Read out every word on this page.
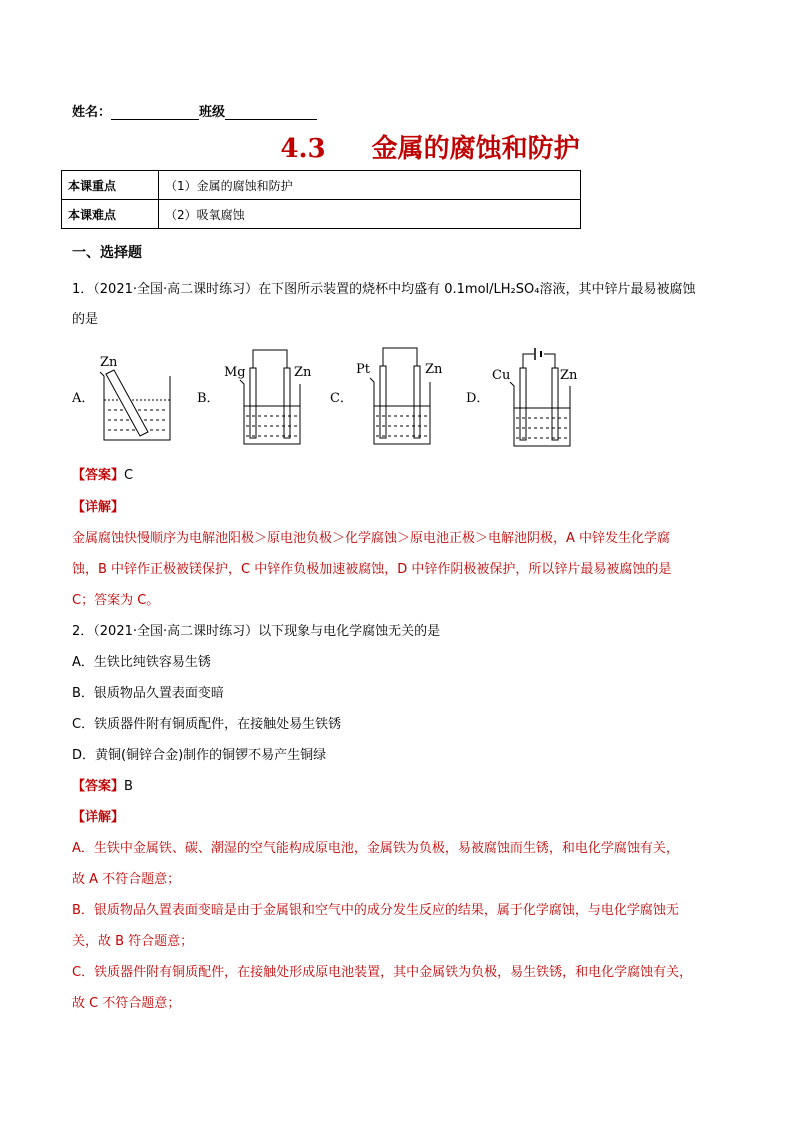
姓名：	班级
4.3 金属的腐蚀和防护
本课重点	（1）金属的腐蚀和防护
本课难点	（2）吸氧腐蚀
一、选择题
1．（2021·全国·高二课时练习）在下图所示装置的烧杯中均盛有 0.1mol/LH₂SO₄溶液，其中锌片最易被腐蚀
的是
A．
Zn
B．
Mg	Zn
C．
Pt	Zn
D．
Cu	Zn
【答案】C
【详解】
金属腐蚀快慢顺序为电解池阳极＞原电池负极＞化学腐蚀＞原电池正极＞电解池阴极，A 中锌发生化学腐
蚀，B 中锌作正极被镁保护，C 中锌作负极加速被腐蚀，D 中锌作阴极被保护，所以锌片最易被腐蚀的是
C；答案为 C。
2．（2021·全国·高二课时练习）以下现象与电化学腐蚀无关的是
A．生铁比纯铁容易生锈
B．银质物品久置表面变暗
C．铁质器件附有铜质配件，在接触处易生铁锈
D．黄铜(铜锌合金)制作的铜锣不易产生铜绿
【答案】B
【详解】
A．生铁中金属铁、碳、潮湿的空气能构成原电池，金属铁为负极，易被腐蚀而生锈，和电化学腐蚀有关，
故 A 不符合题意；
B．银质物品久置表面变暗是由于金属银和空气中的成分发生反应的结果，属于化学腐蚀，与电化学腐蚀无
关，故 B 符合题意；
C．铁质器件附有铜质配件，在接触处形成原电池装置，其中金属铁为负极，易生铁锈，和电化学腐蚀有关，
故 C 不符合题意；
